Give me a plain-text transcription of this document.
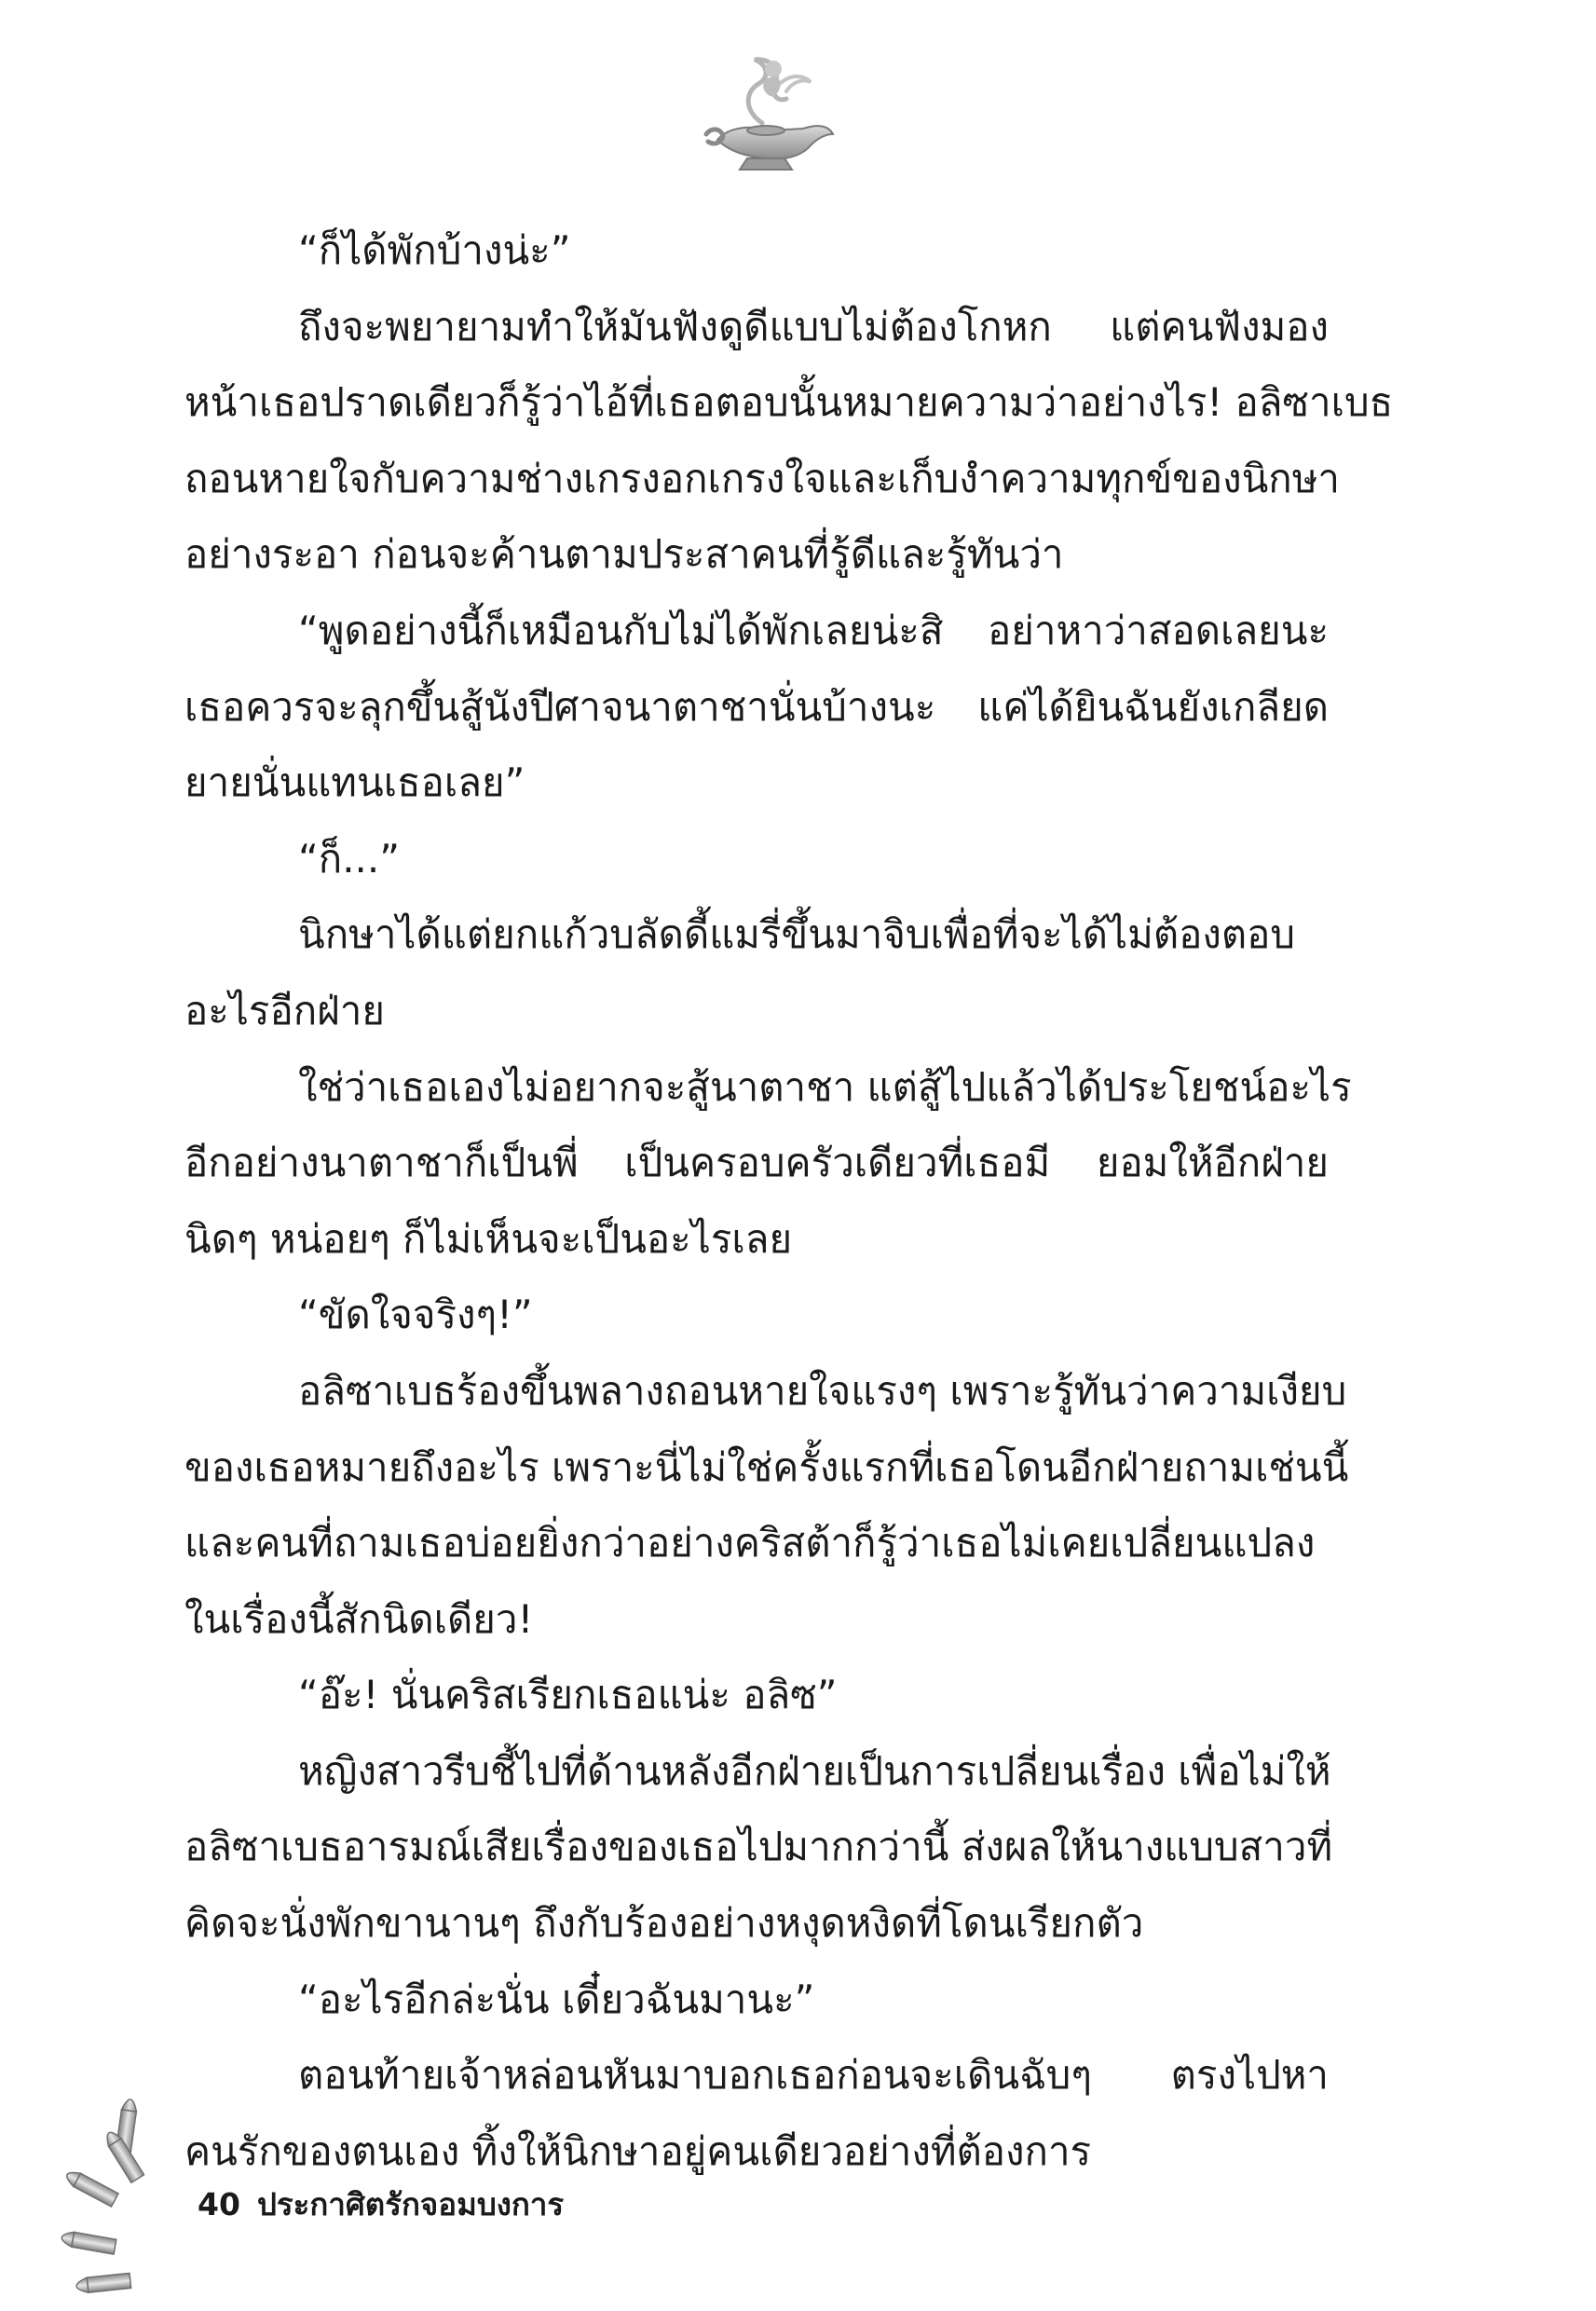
“ก็ได้พักบ้างน่ะ”
ถึงจะพยายามทำให้มันฟังดูดีแบบไม่ต้องโกหก แต่คนฟังมอง
หน้าเธอปราดเดียวก็รู้ว่าไอ้ที่เธอตอบนั้นหมายความว่าอย่างไร! อลิซาเบธ
ถอนหายใจกับความช่างเกรงอกเกรงใจและเก็บงำความทุกข์ของนิกษา
อย่างระอา ก่อนจะค้านตามประสาคนที่รู้ดีและรู้ทันว่า
“พูดอย่างนี้ก็เหมือนกับไม่ได้พักเลยน่ะสิ อย่าหาว่าสอดเลยนะ
เธอควรจะลุกขึ้นสู้นังปีศาจนาตาชานั่นบ้างนะ แค่ได้ยินฉันยังเกลียด
ยายนั่นแทนเธอเลย”
“ก็...”
นิกษาได้แต่ยกแก้วบลัดดี้แมรี่ขึ้นมาจิบเพื่อที่จะได้ไม่ต้องตอบ
อะไรอีกฝ่าย
ใช่ว่าเธอเองไม่อยากจะสู้นาตาชา แต่สู้ไปแล้วได้ประโยชน์อะไร
อีกอย่างนาตาชาก็เป็นพี่ เป็นครอบครัวเดียวที่เธอมี ยอมให้อีกฝ่าย
นิดๆ หน่อยๆ ก็ไม่เห็นจะเป็นอะไรเลย
“ขัดใจจริงๆ!”
อลิซาเบธร้องขึ้นพลางถอนหายใจแรงๆ เพราะรู้ทันว่าความเงียบ
ของเธอหมายถึงอะไร เพราะนี่ไม่ใช่ครั้งแรกที่เธอโดนอีกฝ่ายถามเช่นนี้
และคนที่ถามเธอบ่อยยิ่งกว่าอย่างคริสต้าก็รู้ว่าเธอไม่เคยเปลี่ยนแปลง
ในเรื่องนี้สักนิดเดียว!
“อ๊ะ! นั่นคริสเรียกเธอแน่ะ อลิซ”
หญิงสาวรีบชี้ไปที่ด้านหลังอีกฝ่ายเป็นการเปลี่ยนเรื่อง เพื่อไม่ให้
อลิซาเบธอารมณ์เสียเรื่องของเธอไปมากกว่านี้ ส่งผลให้นางแบบสาวที่
คิดจะนั่งพักขานานๆ ถึงกับร้องอย่างหงุดหงิดที่โดนเรียกตัว
“อะไรอีกล่ะนั่น เดี๋ยวฉันมานะ”
ตอนท้ายเจ้าหล่อนหันมาบอกเธอก่อนจะเดินฉับๆ ตรงไปหา
คนรักของตนเอง ทิ้งให้นิกษาอยู่คนเดียวอย่างที่ต้องการ
40 ประกาศิตรักจอมบงการ
